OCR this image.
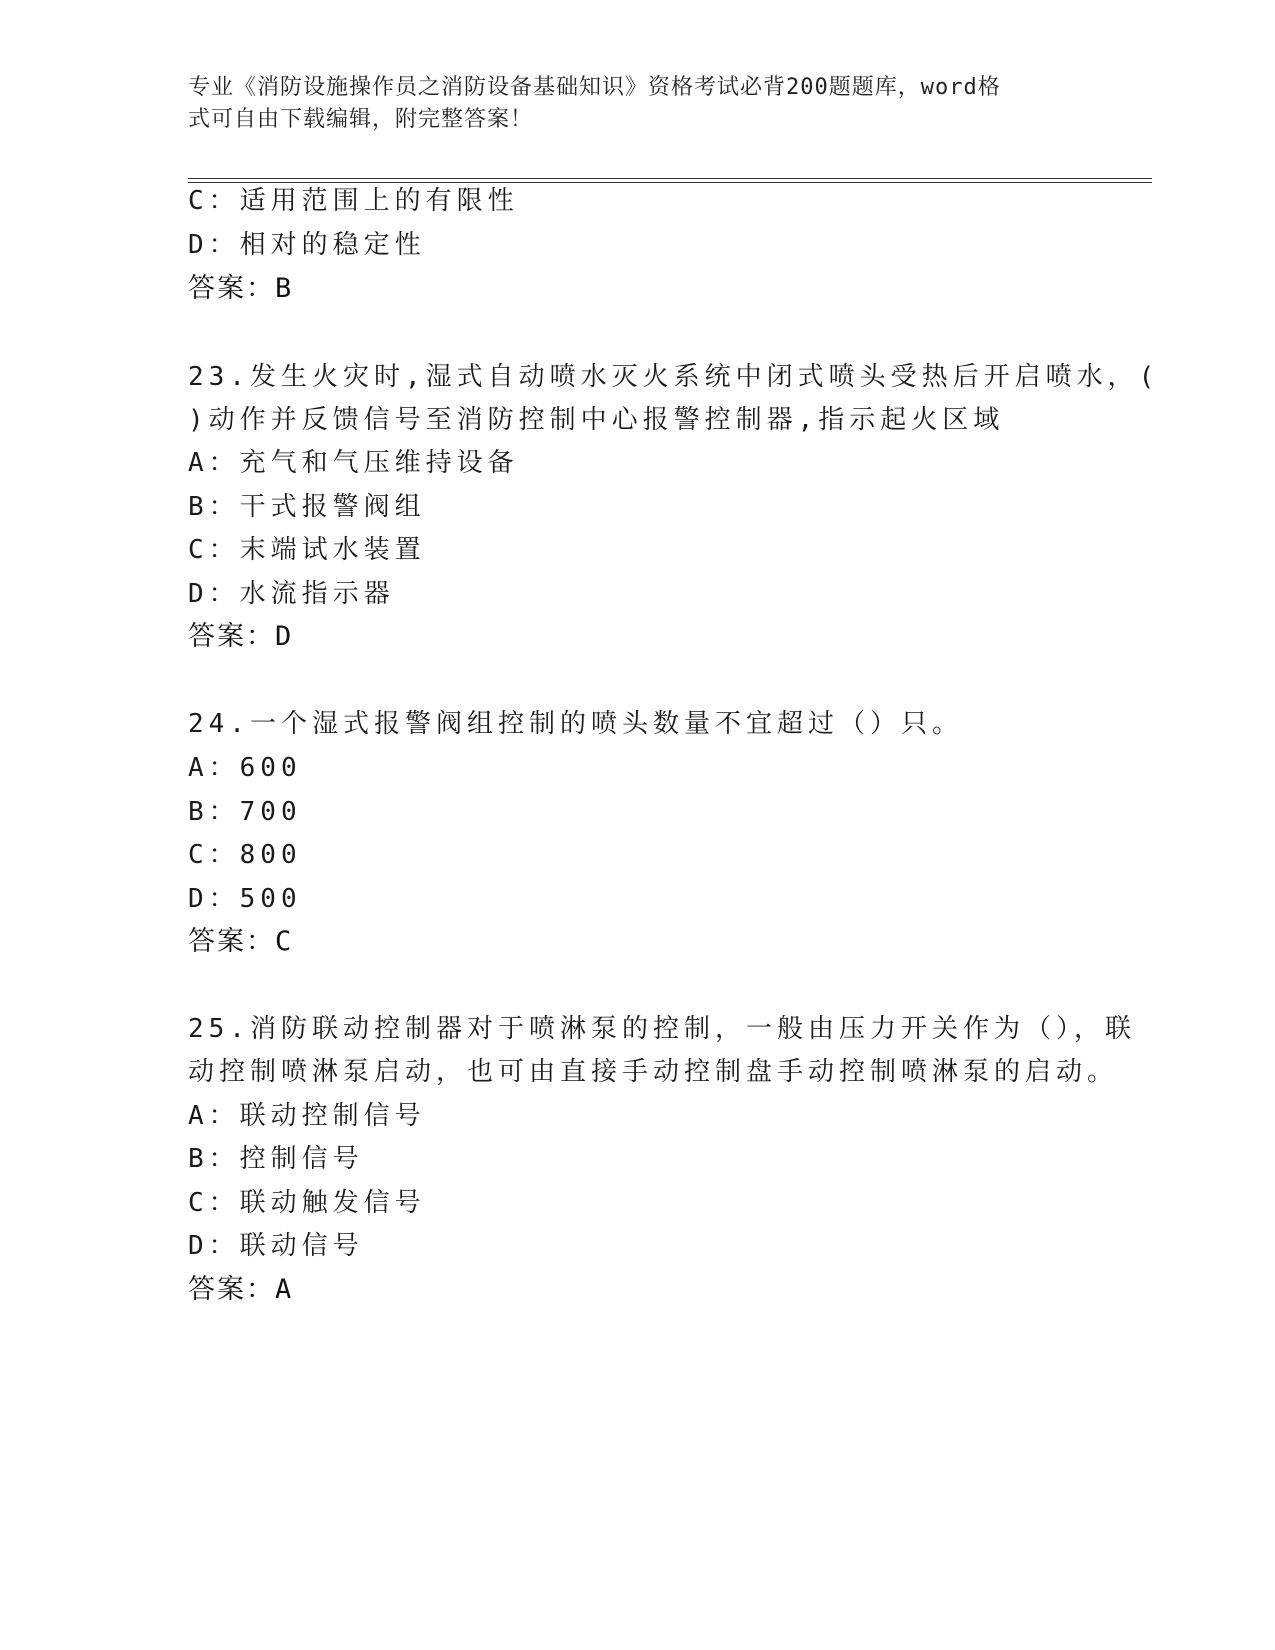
专业《消防设施操作员之消防设备基础知识》资格考试必背200题题库，word格
式可自由下载编辑，附完整答案！
C：适用范围上的有限性
D：相对的稳定性
答案：B
23.发生火灾时,湿式自动喷水灭火系统中闭式喷头受热后开启喷水，(
)动作并反馈信号至消防控制中心报警控制器,指示起火区域
A：充气和气压维持设备
B：干式报警阀组
C：末端试水装置
D：水流指示器
答案：D
24.一个湿式报警阀组控制的喷头数量不宜超过（）只。
A：600
B：700
C：800
D：500
答案：C
25.消防联动控制器对于喷淋泵的控制，一般由压力开关作为（），联
动控制喷淋泵启动，也可由直接手动控制盘手动控制喷淋泵的启动。
A：联动控制信号
B：控制信号
C：联动触发信号
D：联动信号
答案：A
